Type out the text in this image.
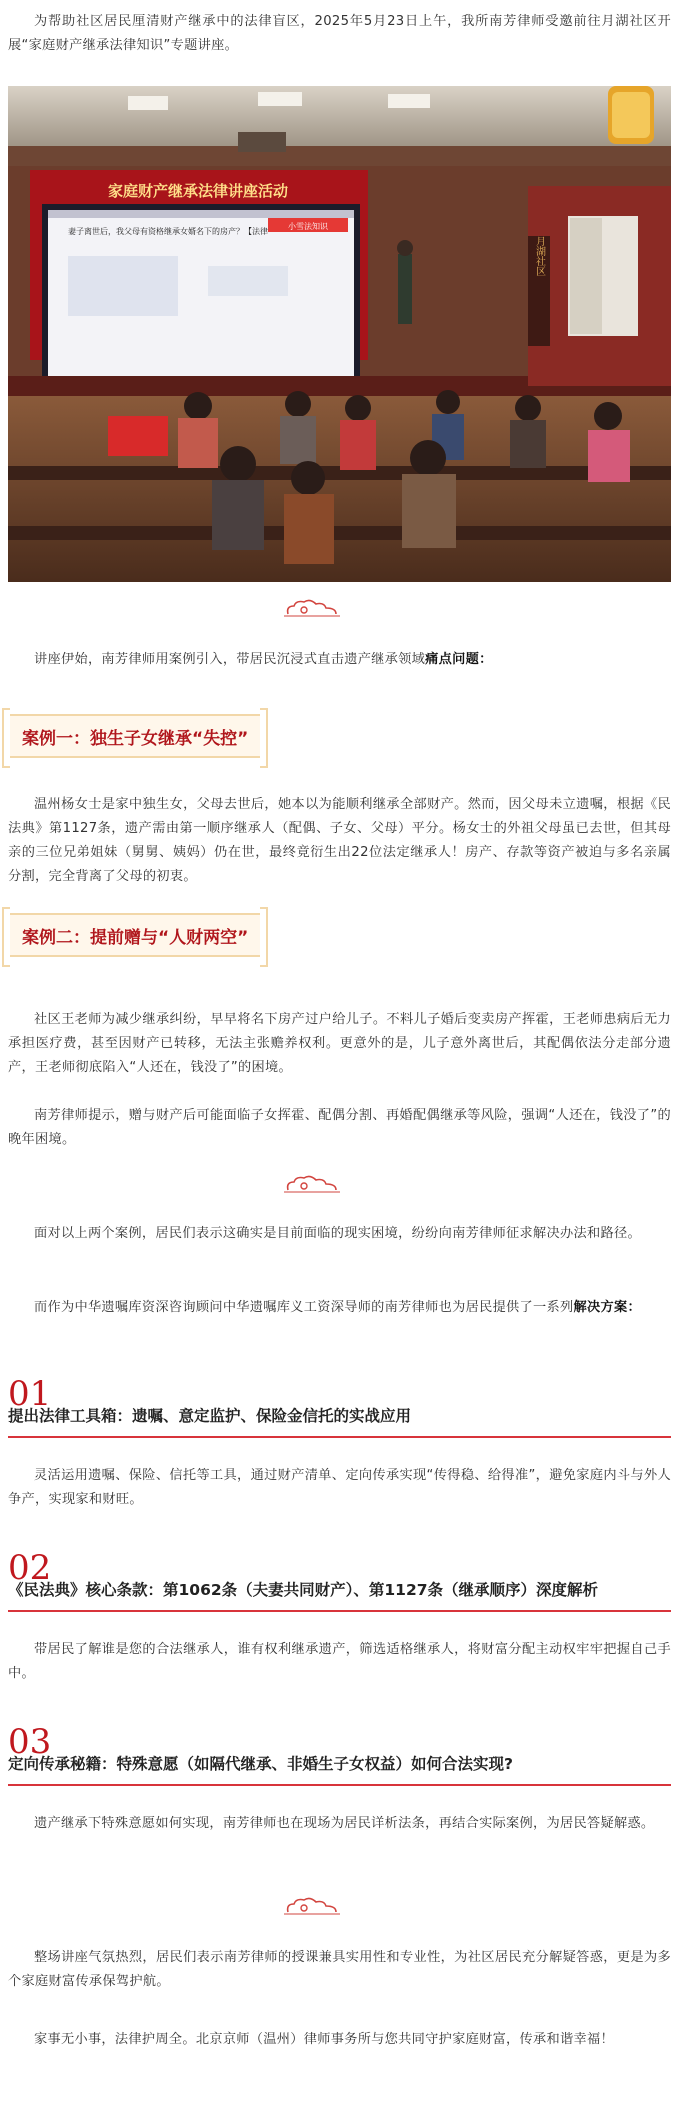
为帮助社区居民厘清财产继承中的法律盲区，2025年5月23日上午，我所南芳律师受邀前往月湖社区开展“家庭财产继承法律知识”专题讲座。

家庭财产继承法律讲座活动
妻子离世后，我父母有资格继承女婿名下的房产？【法律
小雪法知识
月湖社区

讲座伊始，南芳律师用案例引入，带居民沉浸式直击遗产继承领域痛点问题：

案例一：独生子女继承“失控”

温州杨女士是家中独生女，父母去世后，她本以为能顺利继承全部财产。然而，因父母未立遗嘱，根据《民法典》第1127条，遗产需由第一顺序继承人（配偶、子女、父母）平分。杨女士的外祖父母虽已去世，但其母亲的三位兄弟姐妹（舅舅、姨妈）仍在世，最终竟衍生出22位法定继承人！房产、存款等资产被迫与多名亲属分割，完全背离了父母的初衷。

案例二：提前赠与“人财两空”

社区王老师为减少继承纠纷，早早将名下房产过户给儿子。不料儿子婚后变卖房产挥霍，王老师患病后无力承担医疗费，甚至因财产已转移，无法主张赡养权利。更意外的是，儿子意外离世后，其配偶依法分走部分遗产，王老师彻底陷入“人还在，钱没了”的困境。

南芳律师提示，赠与财产后可能面临子女挥霍、配偶分割、再婚配偶继承等风险，强调“人还在，钱没了”的晚年困境。

面对以上两个案例，居民们表示这确实是目前面临的现实困境，纷纷向南芳律师征求解决办法和路径。

而作为中华遗嘱库资深咨询顾问中华遗嘱库义工资深导师的南芳律师也为居民提供了一系列解决方案：

01
提出法律工具箱：遗嘱、意定监护、保险金信托的实战应用

灵活运用遗嘱、保险、信托等工具，通过财产清单、定向传承实现“传得稳、给得准”，避免家庭内斗与外人争产，实现家和财旺。

02
《民法典》核心条款：第1062条（夫妻共同财产）、第1127条（继承顺序）深度解析

带居民了解谁是您的合法继承人，谁有权利继承遗产，筛选适格继承人，将财富分配主动权牢牢把握自己手中。

03
定向传承秘籍：特殊意愿（如隔代继承、非婚生子女权益）如何合法实现?

遗产继承下特殊意愿如何实现，南芳律师也在现场为居民详析法条，再结合实际案例，为居民答疑解惑。

整场讲座气氛热烈，居民们表示南芳律师的授课兼具实用性和专业性，为社区居民充分解疑答惑，更是为多个家庭财富传承保驾护航。

家事无小事，法律护周全。北京京师（温州）律师事务所与您共同守护家庭财富，传承和谐幸福！
